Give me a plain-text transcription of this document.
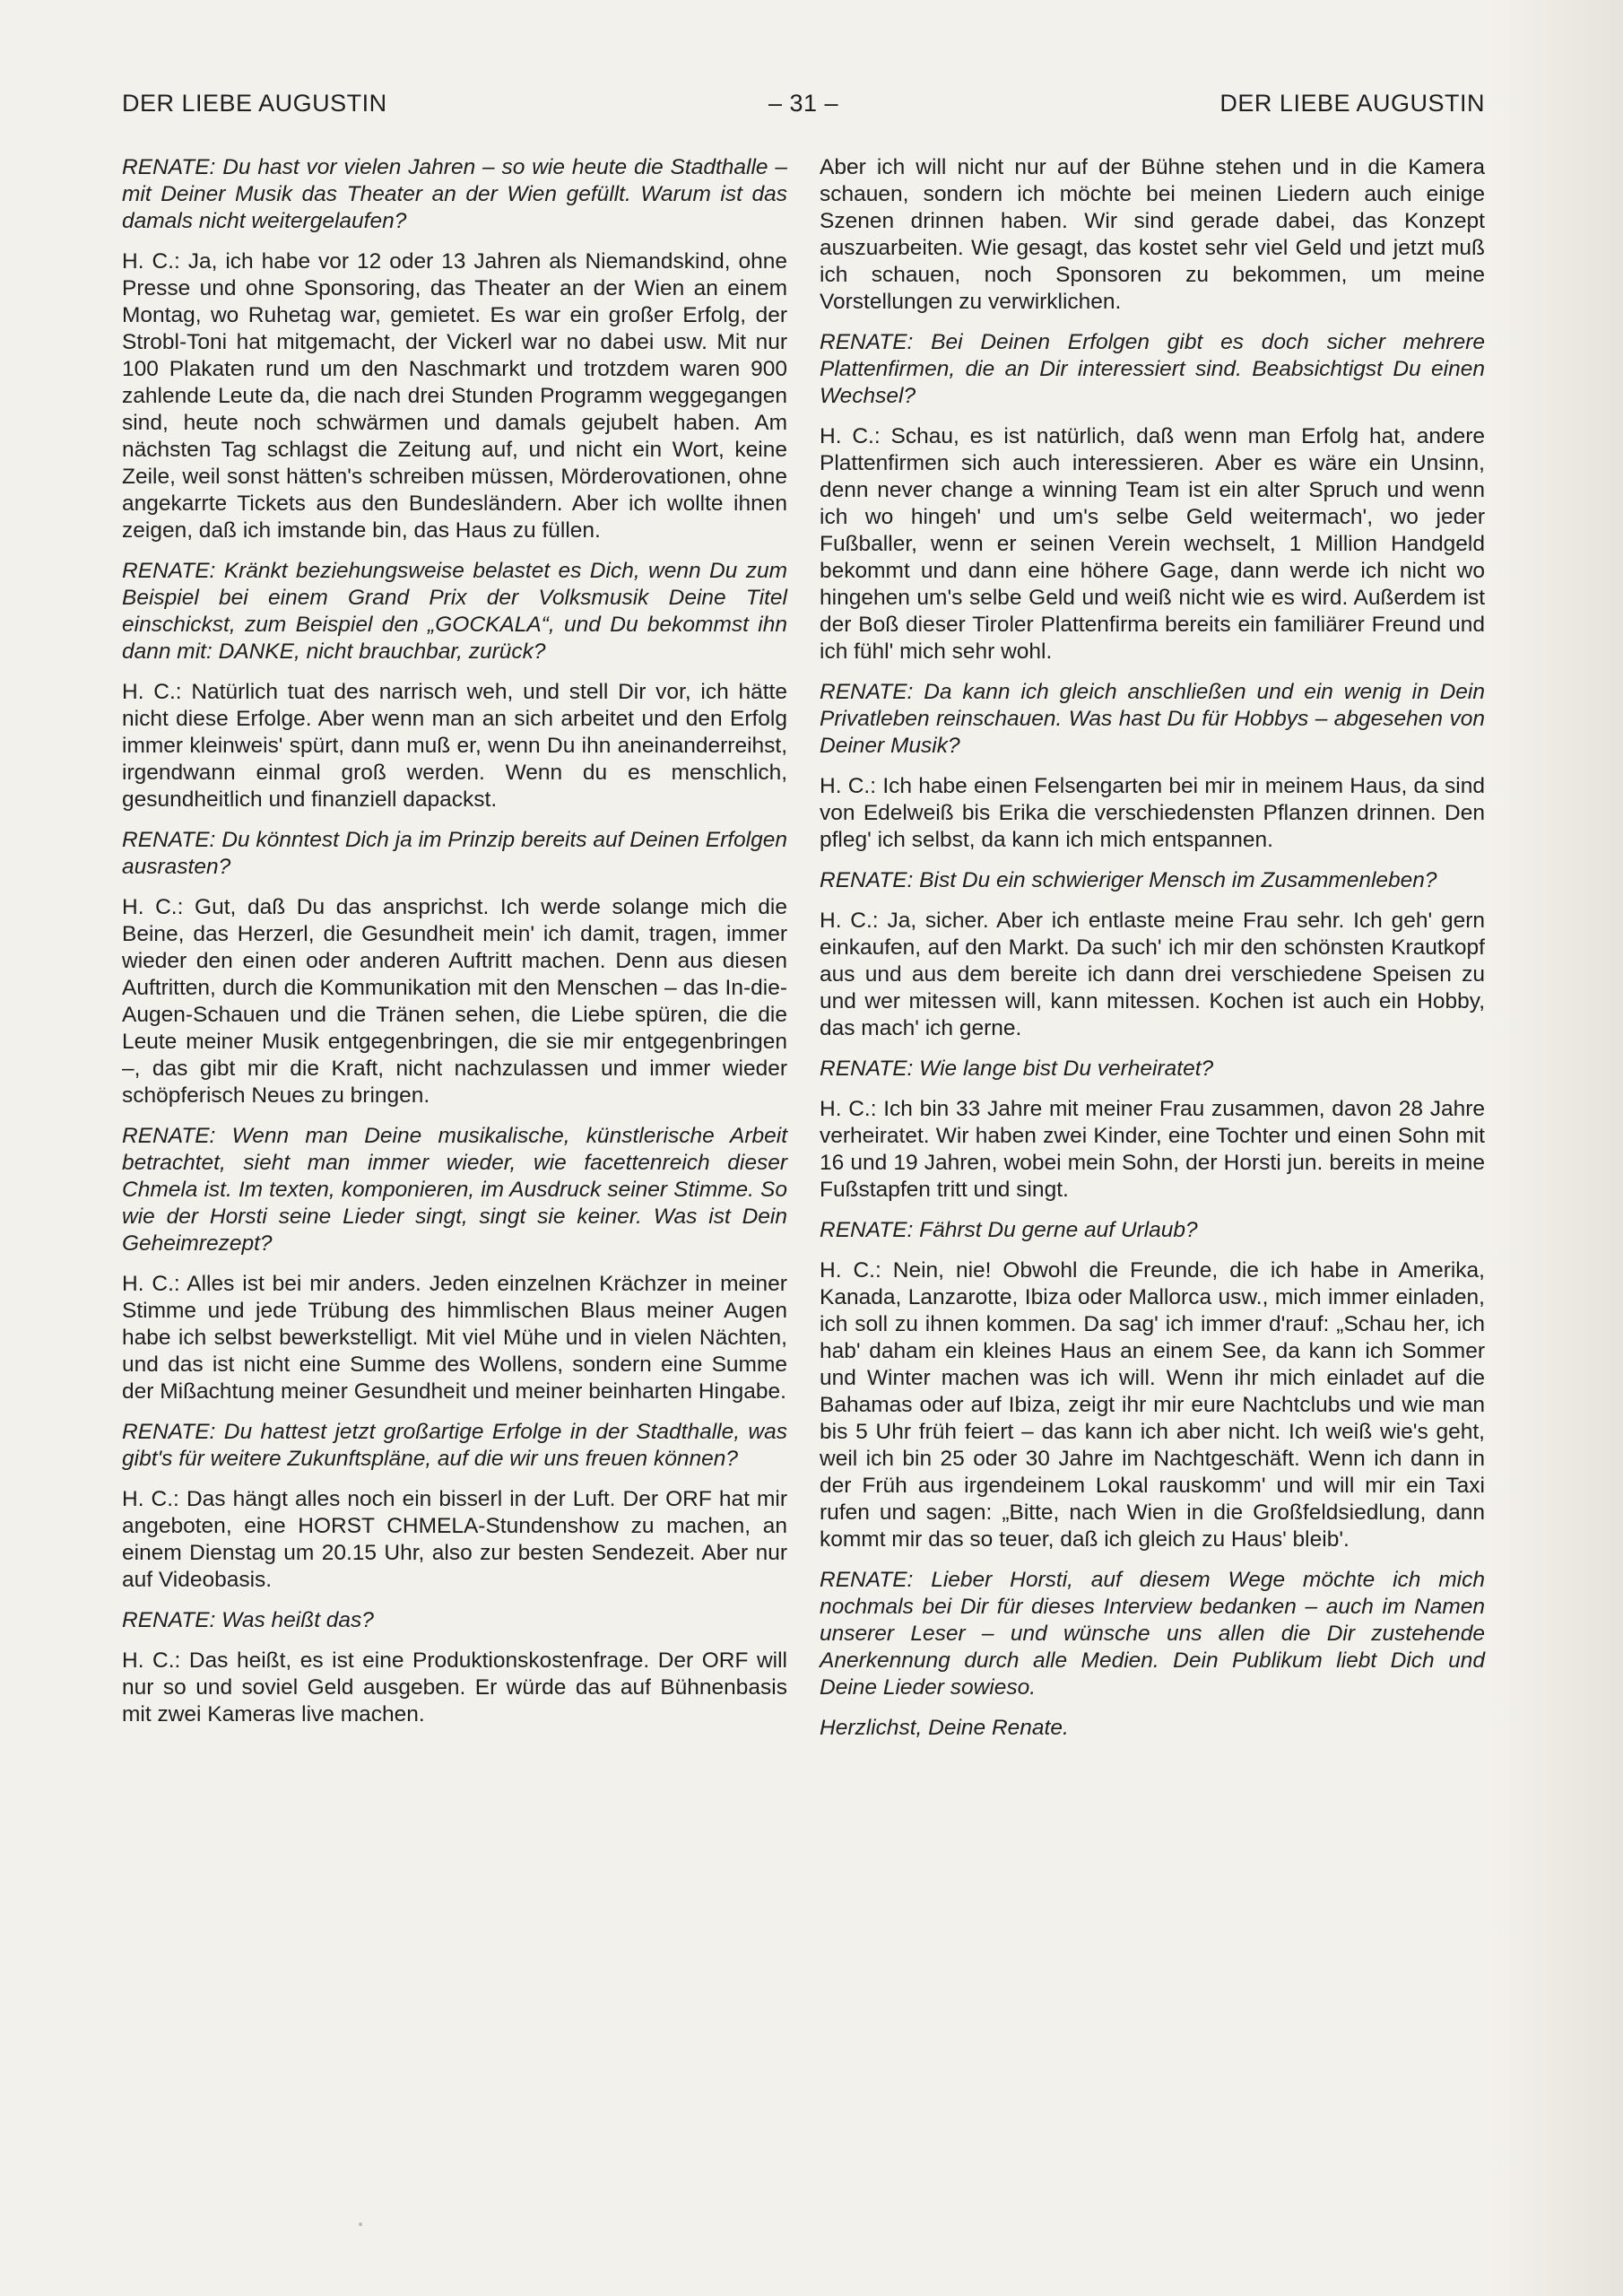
DER LIEBE AUGUSTIN	– 31 –	DER LIEBE AUGUSTIN

RENATE: Du hast vor vielen Jahren – so wie heute die Stadthalle – mit Deiner Musik das Theater an der Wien gefüllt. Warum ist das damals nicht weitergelaufen?

H. C.: Ja, ich habe vor 12 oder 13 Jahren als Niemandskind, ohne Presse und ohne Sponsoring, das Theater an der Wien an einem Montag, wo Ruhetag war, gemietet. Es war ein großer Erfolg, der Strobl-Toni hat mitgemacht, der Vickerl war no dabei usw. Mit nur 100 Plakaten rund um den Naschmarkt und trotzdem waren 900 zahlende Leute da, die nach drei Stunden Programm weggegangen sind, heute noch schwärmen und damals gejubelt haben. Am nächsten Tag schlagst die Zeitung auf, und nicht ein Wort, keine Zeile, weil sonst hätten's schreiben müssen, Mörderovationen, ohne angekarrte Tickets aus den Bundesländern. Aber ich wollte ihnen zeigen, daß ich imstande bin, das Haus zu füllen.

RENATE: Kränkt beziehungsweise belastet es Dich, wenn Du zum Beispiel bei einem Grand Prix der Volksmusik Deine Titel einschickst, zum Beispiel den „GOCKALA“, und Du bekommst ihn dann mit: DANKE, nicht brauchbar, zurück?

H. C.: Natürlich tuat des narrisch weh, und stell Dir vor, ich hätte nicht diese Erfolge. Aber wenn man an sich arbeitet und den Erfolg immer kleinweis' spürt, dann muß er, wenn Du ihn aneinanderreihst, irgendwann einmal groß werden. Wenn du es menschlich, gesundheitlich und finanziell dapackst.

RENATE: Du könntest Dich ja im Prinzip bereits auf Deinen Erfolgen ausrasten?

H. C.: Gut, daß Du das ansprichst. Ich werde solange mich die Beine, das Herzerl, die Gesundheit mein' ich damit, tragen, immer wieder den einen oder anderen Auftritt machen. Denn aus diesen Auftritten, durch die Kommunikation mit den Menschen – das In-die-Augen-Schauen und die Tränen sehen, die Liebe spüren, die die Leute meiner Musik entgegenbringen, die sie mir entgegenbringen –, das gibt mir die Kraft, nicht nachzulassen und immer wieder schöpferisch Neues zu bringen.

RENATE: Wenn man Deine musikalische, künstlerische Arbeit betrachtet, sieht man immer wieder, wie facettenreich dieser Chmela ist. Im texten, komponieren, im Ausdruck seiner Stimme. So wie der Horsti seine Lieder singt, singt sie keiner. Was ist Dein Geheimrezept?

H. C.: Alles ist bei mir anders. Jeden einzelnen Krächzer in meiner Stimme und jede Trübung des himmlischen Blaus meiner Augen habe ich selbst bewerkstelligt. Mit viel Mühe und in vielen Nächten, und das ist nicht eine Summe des Wollens, sondern eine Summe der Mißachtung meiner Gesundheit und meiner beinharten Hingabe.

RENATE: Du hattest jetzt großartige Erfolge in der Stadthalle, was gibt's für weitere Zukunftspläne, auf die wir uns freuen können?

H. C.: Das hängt alles noch ein bisserl in der Luft. Der ORF hat mir angeboten, eine HORST CHMELA-Stundenshow zu machen, an einem Dienstag um 20.15 Uhr, also zur besten Sendezeit. Aber nur auf Videobasis.

RENATE: Was heißt das?

H. C.: Das heißt, es ist eine Produktionskostenfrage. Der ORF will nur so und soviel Geld ausgeben. Er würde das auf Bühnenbasis mit zwei Kameras live machen.

Aber ich will nicht nur auf der Bühne stehen und in die Kamera schauen, sondern ich möchte bei meinen Liedern auch einige Szenen drinnen haben. Wir sind gerade dabei, das Konzept auszuarbeiten. Wie gesagt, das kostet sehr viel Geld und jetzt muß ich schauen, noch Sponsoren zu bekommen, um meine Vorstellungen zu verwirklichen.

RENATE: Bei Deinen Erfolgen gibt es doch sicher mehrere Plattenfirmen, die an Dir interessiert sind. Beabsichtigst Du einen Wechsel?

H. C.: Schau, es ist natürlich, daß wenn man Erfolg hat, andere Plattenfirmen sich auch interessieren. Aber es wäre ein Unsinn, denn never change a winning Team ist ein alter Spruch und wenn ich wo hingeh' und um's selbe Geld weitermach', wo jeder Fußballer, wenn er seinen Verein wechselt, 1 Million Handgeld bekommt und dann eine höhere Gage, dann werde ich nicht wo hingehen um's selbe Geld und weiß nicht wie es wird. Außerdem ist der Boß dieser Tiroler Plattenfirma bereits ein familiärer Freund und ich fühl' mich sehr wohl.

RENATE: Da kann ich gleich anschließen und ein wenig in Dein Privatleben reinschauen. Was hast Du für Hobbys – abgesehen von Deiner Musik?

H. C.: Ich habe einen Felsengarten bei mir in meinem Haus, da sind von Edelweiß bis Erika die verschiedensten Pflanzen drinnen. Den pfleg' ich selbst, da kann ich mich entspannen.

RENATE: Bist Du ein schwieriger Mensch im Zusammenleben?

H. C.: Ja, sicher. Aber ich entlaste meine Frau sehr. Ich geh' gern einkaufen, auf den Markt. Da such' ich mir den schönsten Krautkopf aus und aus dem bereite ich dann drei verschiedene Speisen zu und wer mitessen will, kann mitessen. Kochen ist auch ein Hobby, das mach' ich gerne.

RENATE: Wie lange bist Du verheiratet?

H. C.: Ich bin 33 Jahre mit meiner Frau zusammen, davon 28 Jahre verheiratet. Wir haben zwei Kinder, eine Tochter und einen Sohn mit 16 und 19 Jahren, wobei mein Sohn, der Horsti jun. bereits in meine Fußstapfen tritt und singt.

RENATE: Fährst Du gerne auf Urlaub?

H. C.: Nein, nie! Obwohl die Freunde, die ich habe in Amerika, Kanada, Lanzarotte, Ibiza oder Mallorca usw., mich immer einladen, ich soll zu ihnen kommen. Da sag' ich immer d'rauf: „Schau her, ich hab' daham ein kleines Haus an einem See, da kann ich Sommer und Winter machen was ich will. Wenn ihr mich einladet auf die Bahamas oder auf Ibiza, zeigt ihr mir eure Nachtclubs und wie man bis 5 Uhr früh feiert – das kann ich aber nicht. Ich weiß wie's geht, weil ich bin 25 oder 30 Jahre im Nachtgeschäft. Wenn ich dann in der Früh aus irgendeinem Lokal rauskomm' und will mir ein Taxi rufen und sagen: „Bitte, nach Wien in die Großfeldsiedlung, dann kommt mir das so teuer, daß ich gleich zu Haus' bleib'.

RENATE: Lieber Horsti, auf diesem Wege möchte ich mich nochmals bei Dir für dieses Interview bedanken – auch im Namen unserer Leser – und wünsche uns allen die Dir zustehende Anerkennung durch alle Medien. Dein Publikum liebt Dich und Deine Lieder sowieso.

Herzlichst, Deine Renate.
